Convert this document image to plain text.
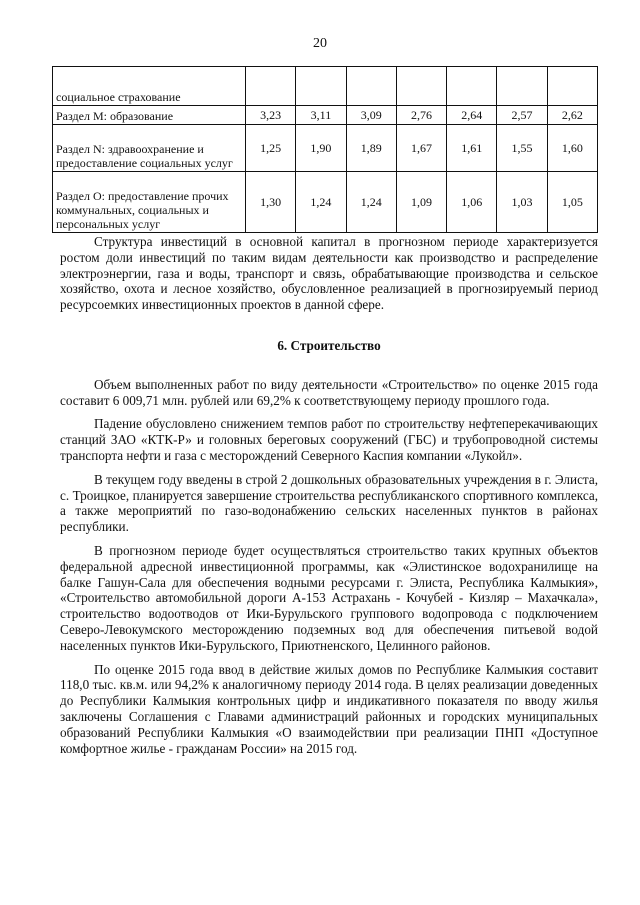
20
социальное страхование							
Раздел М: образование	3,23	3,11	3,09	2,76	2,64	2,57	2,62
Раздел N: здравоохранение и предоставление социальных услуг	1,25	1,90	1,89	1,67	1,61	1,55	1,60
Раздел О: предоставление прочих коммунальных, социальных и персональных услуг	1,30	1,24	1,24	1,09	1,06	1,03	1,05

Структура инвестиций в основной капитал в прогнозном периоде характеризуется ростом доли инвестиций по таким видам деятельности как производство и распределение электроэнергии, газа и воды, транспорт и связь, обрабатывающие производства и сельское хозяйство, охота и лесное хозяйство, обусловленное реализацией в прогнозируемый период ресурсоемких инвестиционных проектов в данной сфере.

6. Строительство

Объем выполненных работ по виду деятельности «Строительство» по оценке 2015 года составит 6 009,71 млн. рублей или 69,2% к соответствующему периоду прошлого года.

Падение обусловлено снижением темпов работ по строительству нефтеперекачивающих станций ЗАО «КТК-Р» и головных береговых сооружений (ГБС) и трубопроводной системы транспорта нефти и газа с месторождений Северного Каспия компании «Лукойл».

В текущем году введены в строй 2 дошкольных образовательных учреждения в г. Элиста, с. Троицкое, планируется завершение строительства республиканского спортивного комплекса, а также мероприятий по газо-водонабжению сельских населенных пунктов в районах республики.

В прогнозном периоде будет осуществляться строительство таких крупных объектов федеральной адресной инвестиционной программы, как «Элистинское водохранилище на балке Гашун-Сала для обеспечения водными ресурсами г. Элиста, Республика Калмыкия», «Строительство автомобильной дороги А-153 Астрахань - Кочубей - Кизляр – Махачкала», строительство водоотводов от Ики-Бурульского группового водопровода с подключением Северо-Левокумского месторождению подземных вод для обеспечения питьевой водой населенных пунктов Ики-Бурульского, Приютненского, Целинного районов.

По оценке 2015 года ввод в действие жилых домов по Республике Калмыкия составит 118,0 тыс. кв.м. или 94,2% к аналогичному периоду 2014 года. В целях реализации доведенных до Республики Калмыкия контрольных цифр и индикативного показателя по вводу жилья заключены Соглашения с Главами администраций районных и городских муниципальных образований Республики Калмыкия «О взаимодействии при реализации ПНП «Доступное комфортное жилье - гражданам России» на 2015 год.
